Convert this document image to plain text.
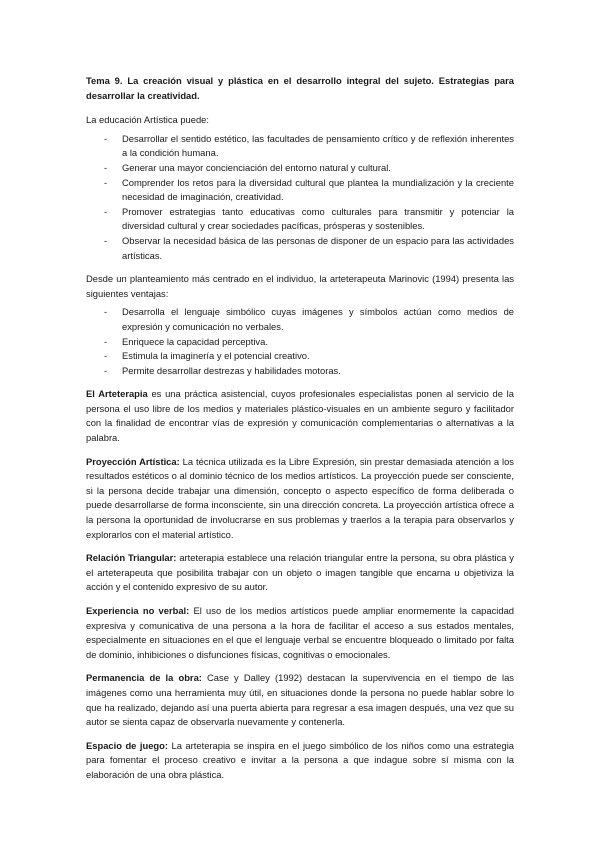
Tema 9. La creación visual y plástica en el desarrollo integral del sujeto. Estrategias para desarrollar la creatividad.

La educación Artística puede:

- Desarrollar el sentido estético, las facultades de pensamiento crítico y de reflexión inherentes a la condición humana.
- Generar una mayor concienciación del entorno natural y cultural.
- Comprender los retos para la diversidad cultural que plantea la mundialización y la creciente necesidad de imaginación, creatividad.
- Promover estrategias tanto educativas como culturales para transmitir y potenciar la diversidad cultural y crear sociedades pacíficas, prósperas y sostenibles.
- Observar la necesidad básica de las personas de disponer de un espacio para las actividades artísticas.

Desde un planteamiento más centrado en el individuo, la arteterapeuta Marinovic (1994) presenta las siguientes ventajas:

- Desarrolla el lenguaje simbólico cuyas imágenes y símbolos actúan como medios de expresión y comunicación no verbales.
- Enriquece la capacidad perceptiva.
- Estimula la imaginería y el potencial creativo.
- Permite desarrollar destrezas y habilidades motoras.

El Arteterapia es una práctica asistencial, cuyos profesionales especialistas ponen al servicio de la persona el uso libre de los medios y materiales plástico-visuales en un ambiente seguro y facilitador con la finalidad de encontrar vías de expresión y comunicación complementarias o alternativas a la palabra.

Proyección Artística: La técnica utilizada es la Libre Expresión, sin prestar demasiada atención a los resultados estéticos o al dominio técnico de los medios artísticos. La proyección puede ser consciente, si la persona decide trabajar una dimensión, concepto o aspecto específico de forma deliberada o puede desarrollarse de forma inconsciente, sin una dirección concreta. La proyección artística ofrece a la persona la oportunidad de involucrarse en sus problemas y traerlos a la terapia para observarlos y explorarlos con el material artístico.

Relación Triangular: arteterapia establece una relación triangular entre la persona, su obra plástica y el arteterapeuta que posibilita trabajar con un objeto o imagen tangible que encarna u objetiviza la acción y el contenido expresivo de su autor.

Experiencia no verbal: El uso de los medios artísticos puede ampliar enormemente la capacidad expresiva y comunicativa de una persona a la hora de facilitar el acceso a sus estados mentales, especialmente en situaciones en el que el lenguaje verbal se encuentre bloqueado o limitado por falta de dominio, inhibiciones o disfunciones físicas, cognitivas o emocionales.

Permanencia de la obra: Case y Dalley (1992) destacan la supervivencia en el tiempo de las imágenes como una herramienta muy útil, en situaciones donde la persona no puede hablar sobre lo que ha realizado, dejando así una puerta abierta para regresar a esa imagen después, una vez que su autor se sienta capaz de observarla nuevamente y contenerla.

Espacio de juego: La arteterapia se inspira en el juego simbólico de los niños como una estrategia para fomentar el proceso creativo e invitar a la persona a que indague sobre sí misma con la elaboración de una obra plástica.
